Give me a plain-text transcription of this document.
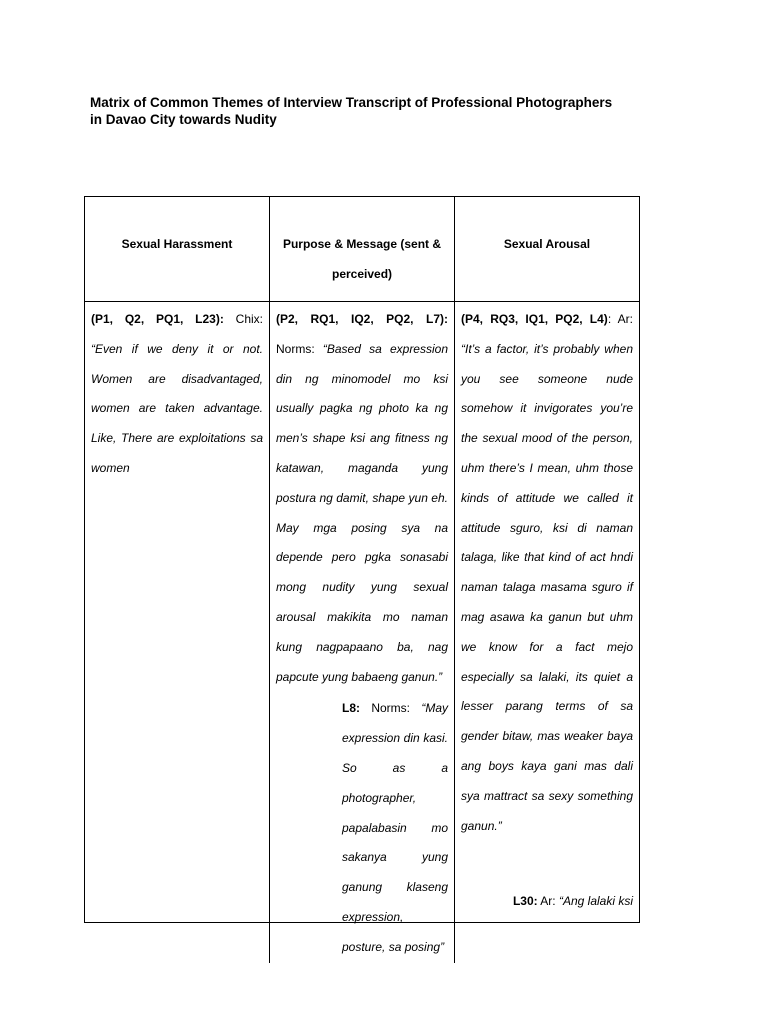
Matrix of Common Themes of Interview Transcript of Professional Photographers
in Davao City towards Nudity
Sexual Harassment	Purpose & Message (sent & perceived)
Sexual Arousal

(P1, Q2, PQ1, L23): Chix: “Even if we deny it or not. Women are disadvantaged, women are taken advantage. Like, There are exploitations sa women

(P2, RQ1, IQ2, PQ2, L7): Norms: “Based sa expression din ng minomodel mo ksi usually pagka ng photo ka ng men’s shape ksi ang fitness ng katawan, maganda yung postura ng damit, shape yun eh. May mga posing sya na depende pero pgka sonasabi mong nudity yung sexual arousal makikita mo naman kung nagpapaano ba, nag papcute yung babaeng ganun.”

L8: Norms: “May expression din kasi. So as a photographer, papalabasin mo sakanya yung ganung klaseng expression, posture, sa posing”

(P4, RQ3, IQ1, PQ2, L4): Ar: “It’s a factor, it’s probably when you see someone nude somehow it invigorates you’re the sexual mood of the person, uhm there’s I mean, uhm those kinds of attitude we called it attitude sguro, ksi di naman talaga, like that kind of act hndi naman talaga masama sguro if mag asawa ka ganun but uhm we know for a fact mejo especially sa lalaki, its quiet a lesser parang terms of sa gender bitaw, mas weaker baya ang boys kaya gani mas dali sya mattract sa sexy something ganun.”

L30: Ar: “Ang lalaki ksi
